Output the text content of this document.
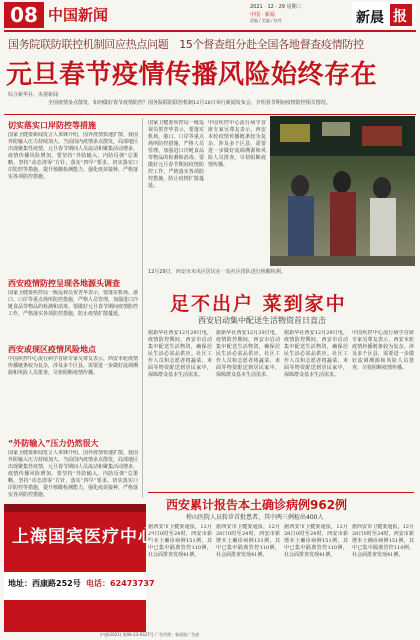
08 中国新闻	2021 · 12 · 29 星期三
中国 · 新闻
责编 / 美编 / 校对	新晨 报
国务院联防联控机制回应热点问题　15个督查组分赴全国各地督查疫情防控
元旦春节疫情传播风险始终存在
综合新华社、央视新闻
全国疫情多点散发，如何做好春节疫情防控？国务院联防联控机制12月28日举行新闻发布会，介绍春节期间疫情防控相关情况。
切实落实口岸防控等措施
国家卫健委新闻发言人米锋介绍，国外疫情快速扩散，我国外防输入压力持续加大。当前国内疫情多点散发，局部地区出现聚集性疫情，元旦春节期间人员流动和聚集活动增多，疫情传播风险增加。要坚持“外防输入、内防反弹”总策略，坚持“动态清零”方针，落实“四早”要求，切实落实口岸防控等措施，提升核酸检测能力，强化疫苗接种，严格落实各项防控措施。
西安疫情防控呈现各地源头调查
国家卫健委疾控局一级巡视员贺青华表示，要落实机场、港口、口岸等重点场所防控措施，严格人员管理，加强进口冷链食品等物品的检测和消毒。要做好元旦春节期间疫情防控工作，严格落实各项防控措施，防止疫情扩散蔓延。
西安或现区疫情风险地点
中国疾控中心流行病学首席专家吴尊友表示，西安本轮疫情传播链条较为复杂，涉及多个区县，需要进一步做好流调溯源和风险人员排查，尽快阻断疫情传播。
“外防输入”压力仍然很大
国家卫健委新闻发言人米锋介绍，国外疫情快速扩散，我国外防输入压力持续加大。当前国内疫情多点散发，局部地区出现聚集性疫情，元旦春节期间人员流动和聚集活动增多，疫情传播风险增加。要坚持“外防输入、内防反弹”总策略，坚持“动态清零”方针，落实“四早”要求，切实落实口岸防控等措施，提升核酸检测能力，强化疫苗接种，严格落实各项防控措施。
国家卫健委疾控局一级巡视员贺青华表示，要落实机场、港口、口岸等重点场所防控措施，严格人员管理，加强进口冷链食品等物品的检测和消毒。要做好元旦春节期间疫情防控工作，严格落实各项防控措施，防止疫情扩散蔓延。
中国疾控中心流行病学首席专家吴尊友表示，西安本轮疫情传播链条较为复杂，涉及多个区县，需要进一步做好流调溯源和风险人员排查，尽快阻断疫情传播。
12月29日，西安市未央区居民在一处社区排队进行核酸检测。
足不出户 菜到家中
西安启动集中配送生活物资首日直击
据新华社西安12月29日电，疫情防控期间，西安市启动集中配送生活物资，确保居民生活必需品供应。社区工作人员和志愿者将蔬菜、米面等物资配送到居民家中，保障群众基本生活需求。
据新华社西安12月29日电，疫情防控期间，西安市启动集中配送生活物资，确保居民生活必需品供应。社区工作人员和志愿者将蔬菜、米面等物资配送到居民家中，保障群众基本生活需求。
据新华社西安12月29日电，疫情防控期间，西安市启动集中配送生活物资，确保居民生活必需品供应。社区工作人员和志愿者将蔬菜、米面等物资配送到居民家中，保障群众基本生活需求。
中国疾控中心流行病学首席专家吴尊友表示，西安本轮疫情传播链条较为复杂，涉及多个区县，需要进一步做好流调溯源和风险人员排查，尽快阻断疫情传播。
西安累计报告本土确诊病例962例
栓山医院人员转诊首批患者，其中两三例检出400人
据西安市卫健委通报，12月28日0时至24时，西安市新增本土确诊病例151例，其中已集中隔离管控110例，社会面排查发现41例。
据西安市卫健委通报，12月28日0时至24时，西安市新增本土确诊病例151例，其中已集中隔离管控110例，社会面排查发现41例。
据西安市卫健委通报，12月28日0时至24时，西安市新增本土确诊病例151例，其中已集中隔离管控110例，社会面排查发现41例。
据西安市卫健委通报，12月28日0时至24时，西安市新增本土确诊病例151例，其中已集中隔离管控110例，社会面排查发现41例。
上海国宾医疗中心
地址：西康路252号 电话：62473737
沪通(2021) 第06-23-0327号 广告代理：新晨报广告部
